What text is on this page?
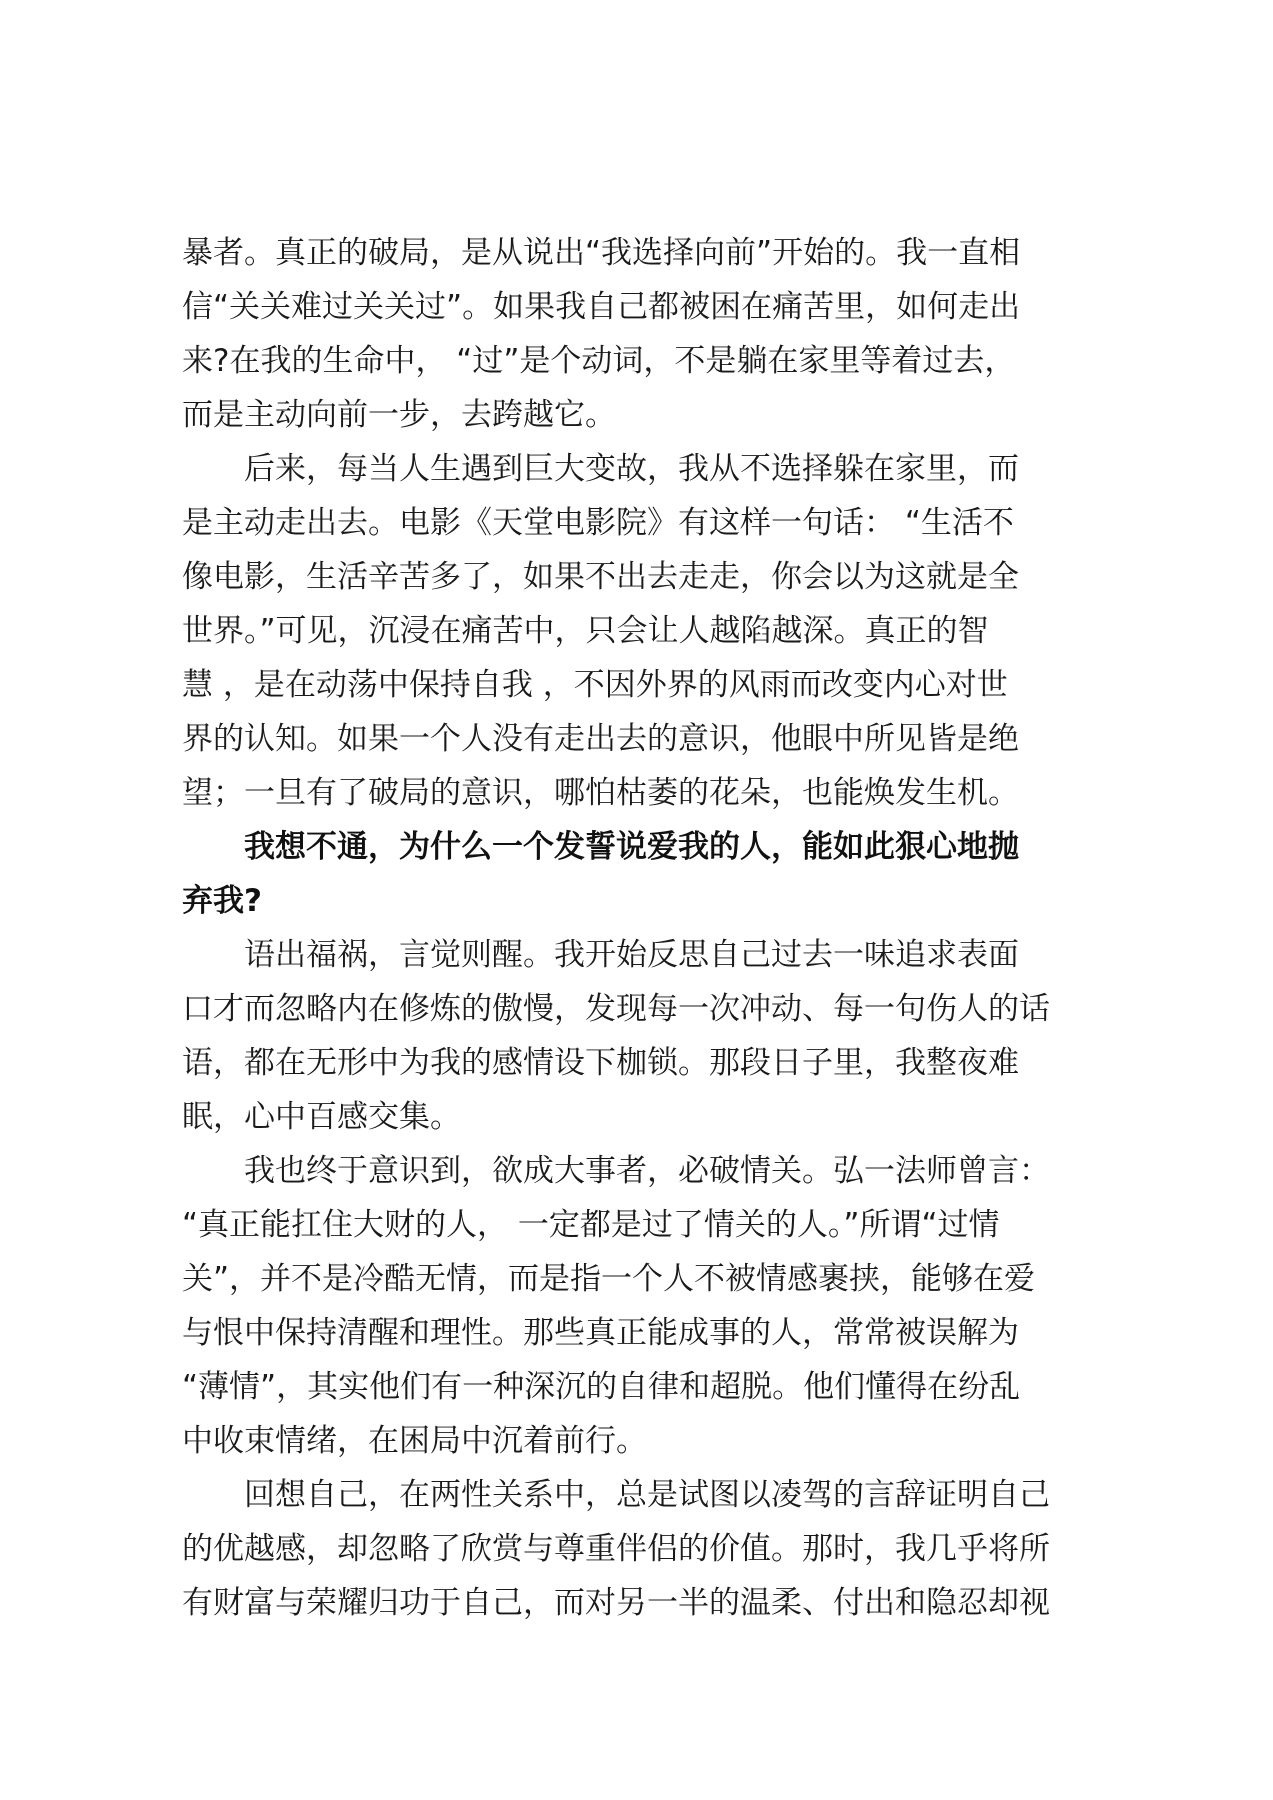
暴者。真正的破局，是从说出“我选择向前”开始的。我一直相
信“关关难过关关过”。如果我自己都被困在痛苦里，如何走出
来?在我的生命中， “过”是个动词，不是躺在家里等着过去，
而是主动向前一步，去跨越它。
　　后来，每当人生遇到巨大变故，我从不选择躲在家里，而
是主动走出去。电影《天堂电影院》有这样一句话： “生活不
像电影，生活辛苦多了，如果不出去走走，你会以为这就是全
世界。”可见，沉浸在痛苦中，只会让人越陷越深。真正的智
慧 ，是在动荡中保持自我 ，不因外界的风雨而改变内心对世
界的认知。如果一个人没有走出去的意识，他眼中所见皆是绝
望；一旦有了破局的意识，哪怕枯萎的花朵，也能焕发生机。
　　我想不通，为什么一个发誓说爱我的人，能如此狠心地抛
弃我?
　　语出福祸，言觉则醒。我开始反思自己过去一味追求表面
口才而忽略内在修炼的傲慢，发现每一次冲动、每一句伤人的话
语，都在无形中为我的感情设下枷锁。那段日子里，我整夜难
眠，心中百感交集。
　　我也终于意识到，欲成大事者，必破情关。弘一法师曾言：
“真正能扛住大财的人， 一定都是过了情关的人。”所谓“过情
关”，并不是冷酷无情，而是指一个人不被情感裹挟，能够在爱
与恨中保持清醒和理性。那些真正能成事的人，常常被误解为
“薄情”，其实他们有一种深沉的自律和超脱。他们懂得在纷乱
中收束情绪，在困局中沉着前行。
　　回想自己，在两性关系中，总是试图以凌驾的言辞证明自己
的优越感，却忽略了欣赏与尊重伴侣的价值。那时，我几乎将所
有财富与荣耀归功于自己，而对另一半的温柔、付出和隐忍却视
